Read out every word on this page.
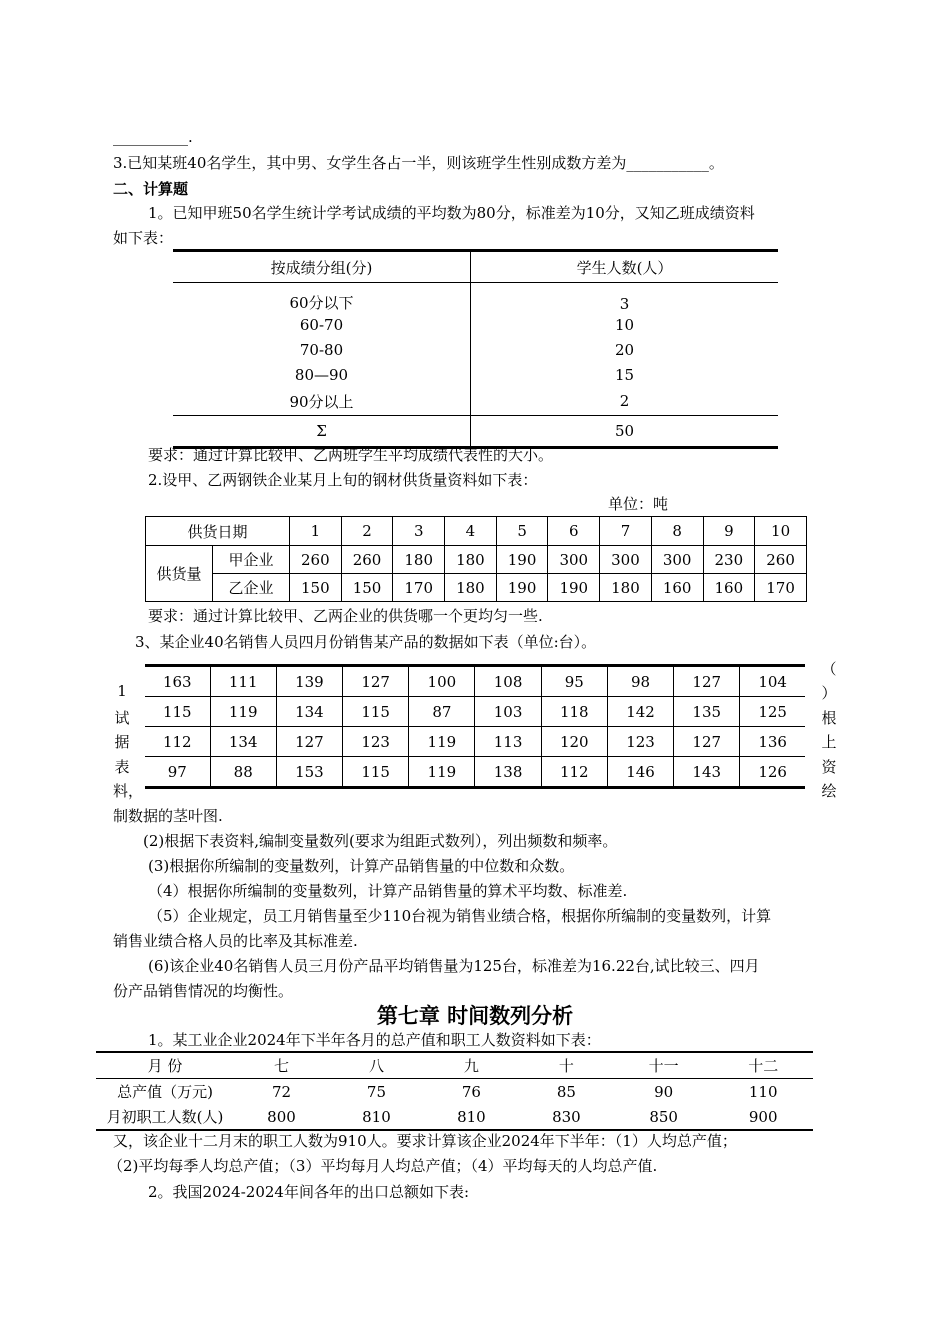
__________.
3.已知某班40名学生，其中男、女学生各占一半，则该班学生性别成数方差为___________。
二、计算题
1。已知甲班50名学生统计学考试成绩的平均数为80分，标准差为10分，又知乙班成绩资料
如下表：
按成绩分组(分)	学生人数(人）
60分以下	3
60-70	10
70-80	20
80—90	15
90分以上	2
Σ	50
要求：通过计算比较甲、乙两班学生平均成绩代表性的大小。
2.设甲、乙两钢铁企业某月上旬的钢材供货量资料如下表：
单位：吨
供货日期		1	2	3	4	5	6	7	8	9	10
供货量	甲企业	260	260	180	180	190	300	300	300	230	260
	乙企业	150	150	170	180	190	190	180	160	160	170
要求：通过计算比较甲、乙两企业的供货哪一个更均匀一些.
3、某企业40名销售人员四月份销售某产品的数据如下表（单位:台）。
163	111	139	127	100	108	95	98	127	104
115	119	134	115	87	103	118	142	135	125
112	134	127	123	119	113	120	123	127	136
97	88	153	115	119	138	112	146	143	126
1
试
据
表
料，
（
）
根
上
资
绘
制数据的茎叶图.
(2)根据下表资料,编制变量数列(要求为组距式数列），列出频数和频率。
(3)根据你所编制的变量数列，计算产品销售量的中位数和众数。
（4）根据你所编制的变量数列，计算产品销售量的算术平均数、标准差.
（5）企业规定，员工月销售量至少110台视为销售业绩合格，根据你所编制的变量数列，计算
销售业绩合格人员的比率及其标准差.
(6)该企业40名销售人员三月份产品平均销售量为125台，标准差为16.22台,试比较三、四月
份产品销售情况的均衡性。
第七章 时间数列分析
1。某工业企业2024年下半年各月的总产值和职工人数资料如下表：
月 份	七	八	九	十	十一	十二
总产值（万元)	72	75	76	85	90	110
月初职工人数(人)	800	810	810	830	850	900
又，该企业十二月末的职工人数为910人。要求计算该企业2024年下半年：（1）人均总产值；
（2)平均每季人均总产值；（3）平均每月人均总产值；（4）平均每天的人均总产值.
2。我国2024-2024年间各年的出口总额如下表:
